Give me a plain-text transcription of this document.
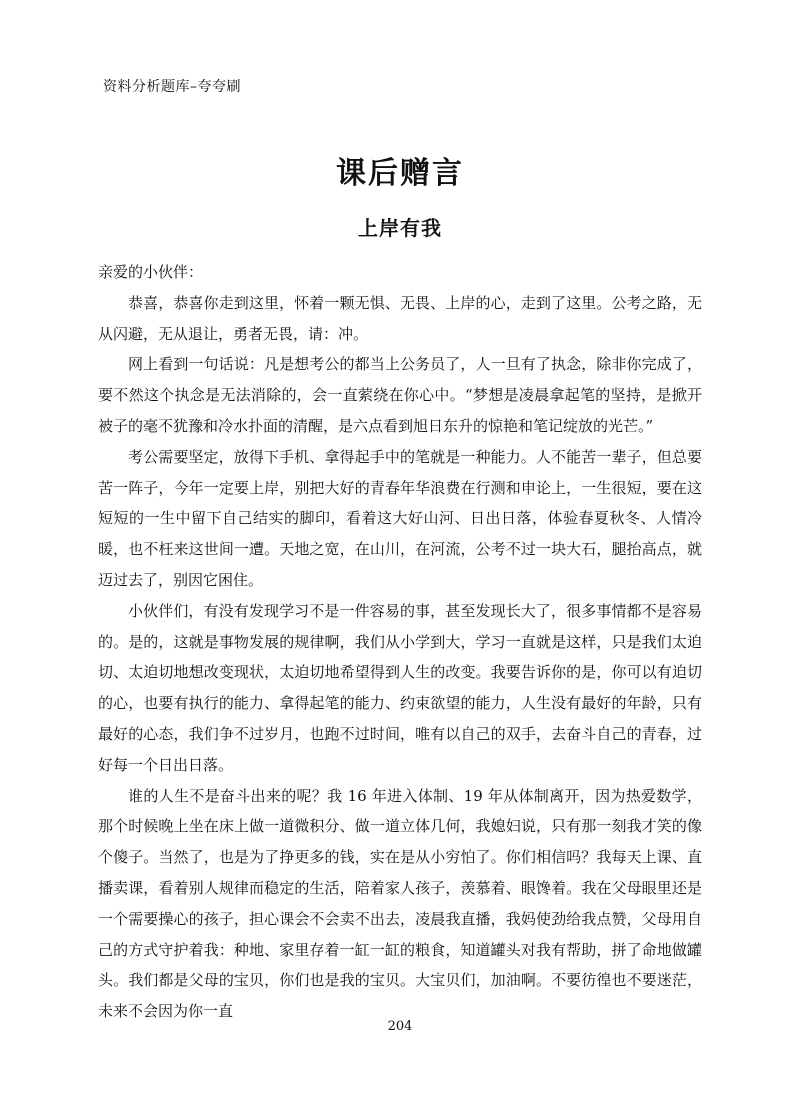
资料分析题库–夸夸刷
课后赠言
上岸有我

亲爱的小伙伴：

恭喜，恭喜你走到这里，怀着一颗无惧、无畏、上岸的心，走到了这里。公考之路，无从闪避，无从退让，勇者无畏，请：冲。

网上看到一句话说：凡是想考公的都当上公务员了，人一旦有了执念，除非你完成了，要不然这个执念是无法消除的，会一直萦绕在你心中。“梦想是凌晨拿起笔的坚持，是掀开被子的毫不犹豫和冷水扑面的清醒，是六点看到旭日东升的惊艳和笔记绽放的光芒。”

考公需要坚定，放得下手机、拿得起手中的笔就是一种能力。人不能苦一辈子，但总要苦一阵子，今年一定要上岸，别把大好的青春年华浪费在行测和申论上，一生很短，要在这短短的一生中留下自己结实的脚印，看着这大好山河、日出日落，体验春夏秋冬、人情冷暖，也不枉来这世间一遭。天地之宽，在山川，在河流，公考不过一块大石，腿抬高点，就迈过去了，别因它困住。

小伙伴们，有没有发现学习不是一件容易的事，甚至发现长大了，很多事情都不是容易的。是的，这就是事物发展的规律啊，我们从小学到大，学习一直就是这样，只是我们太迫切、太迫切地想改变现状，太迫切地希望得到人生的改变。我要告诉你的是，你可以有迫切的心，也要有执行的能力、拿得起笔的能力、约束欲望的能力，人生没有最好的年龄，只有最好的心态，我们争不过岁月，也跑不过时间，唯有以自己的双手，去奋斗自己的青春，过好每一个日出日落。

谁的人生不是奋斗出来的呢？我 16 年进入体制、19 年从体制离开，因为热爱数学，那个时候晚上坐在床上做一道微积分、做一道立体几何，我媳妇说，只有那一刻我才笑的像个傻子。当然了，也是为了挣更多的钱，实在是从小穷怕了。你们相信吗？我每天上课、直播卖课，看着别人规律而稳定的生活，陪着家人孩子，羡慕着、眼馋着。我在父母眼里还是一个需要操心的孩子，担心课会不会卖不出去，凌晨我直播，我妈使劲给我点赞，父母用自己的方式守护着我：种地、家里存着一缸一缸的粮食，知道罐头对我有帮助，拼了命地做罐头。我们都是父母的宝贝，你们也是我的宝贝。大宝贝们，加油啊。不要彷徨也不要迷茫，未来不会因为你一直

204
